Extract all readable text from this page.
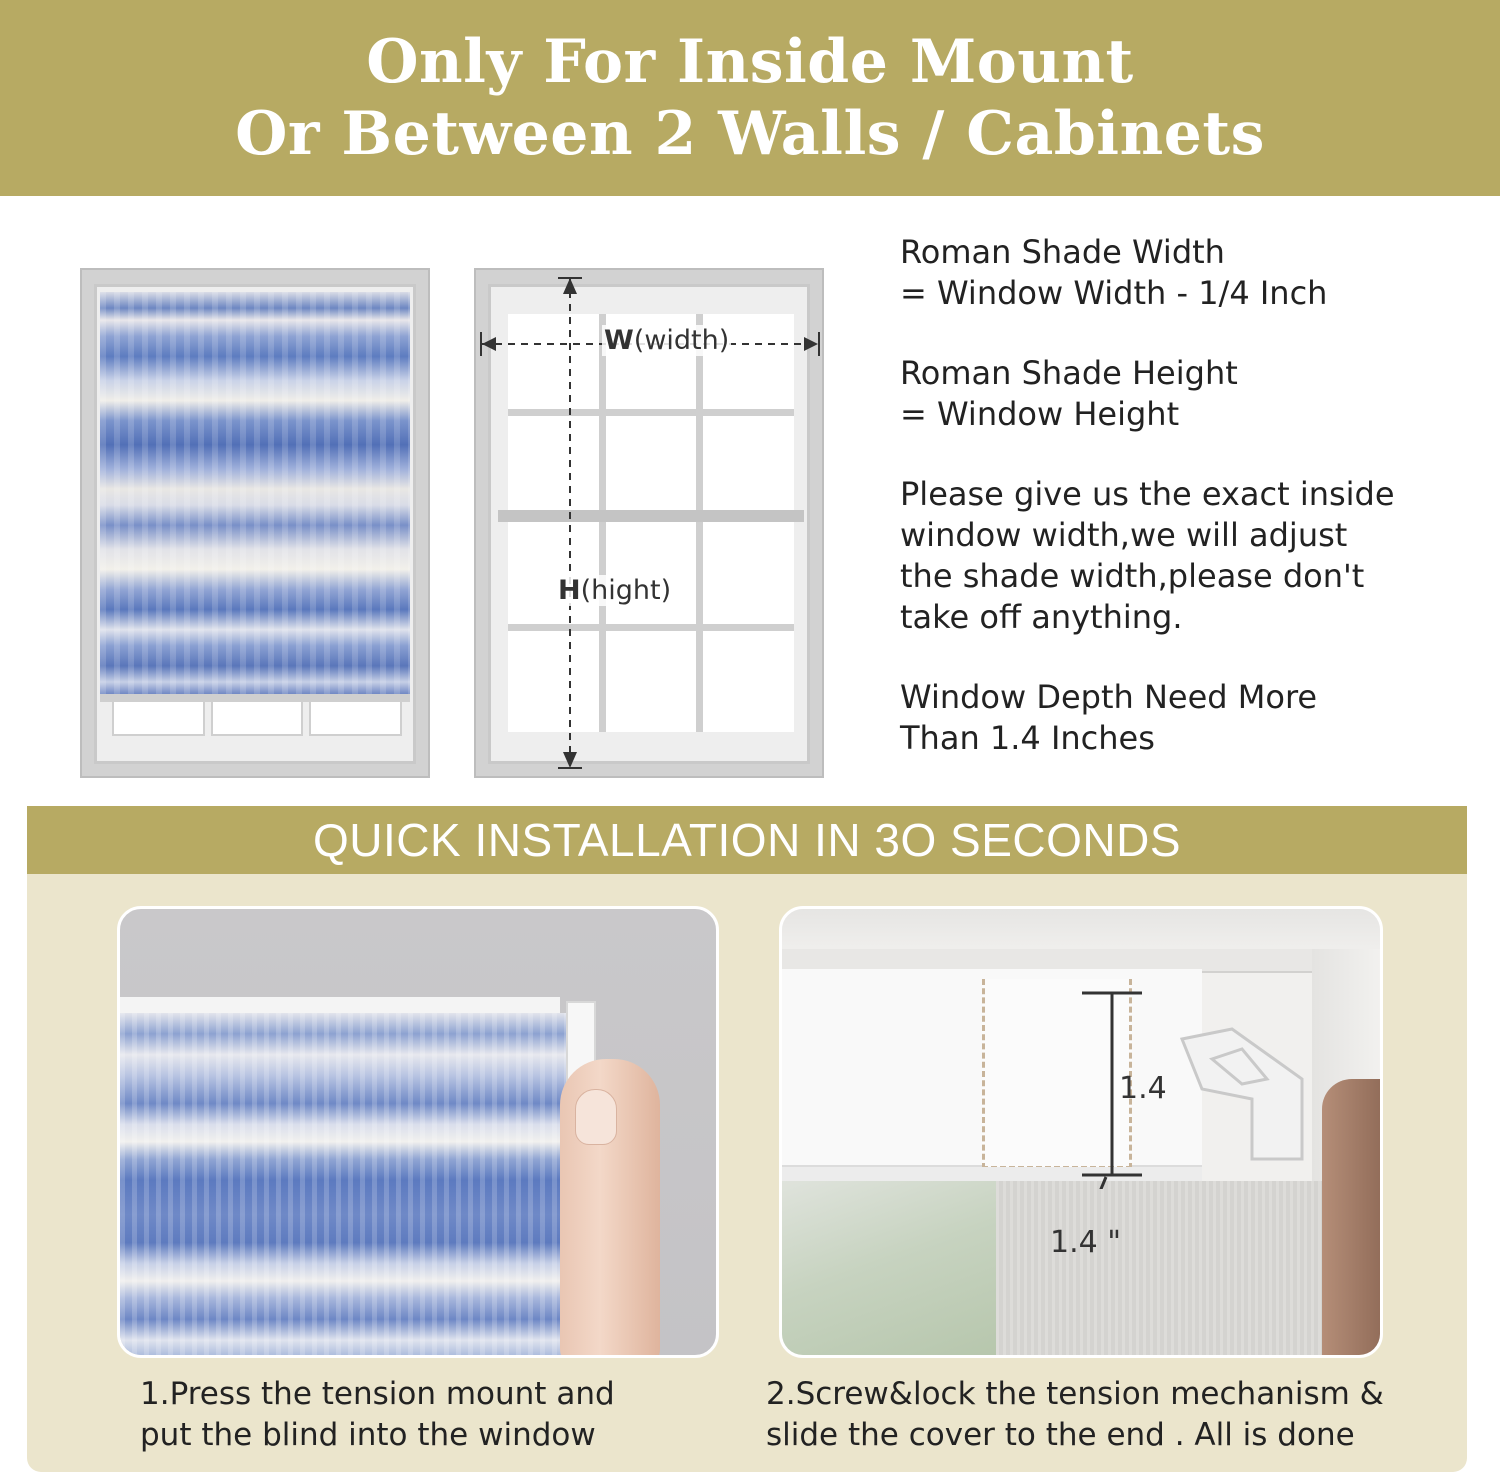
Only For Inside Mount
Or Between 2 Walls / Cabinets
W(width)
H(hight)
Roman Shade Width
= Window Width - 1/4 Inch
Roman Shade Height
= Window Height
Please give us the exact inside
window width,we will adjust
the shade width,please don't
take off anything.
Window Depth Need More
Than 1.4 Inches
QUICK INSTALLATION IN 3O SECONDS
1.4
1.4 "
1.Press the tension mount and
put the blind into the window
2.Screw&lock the tension mechanism &
slide the cover to the end . All is done
